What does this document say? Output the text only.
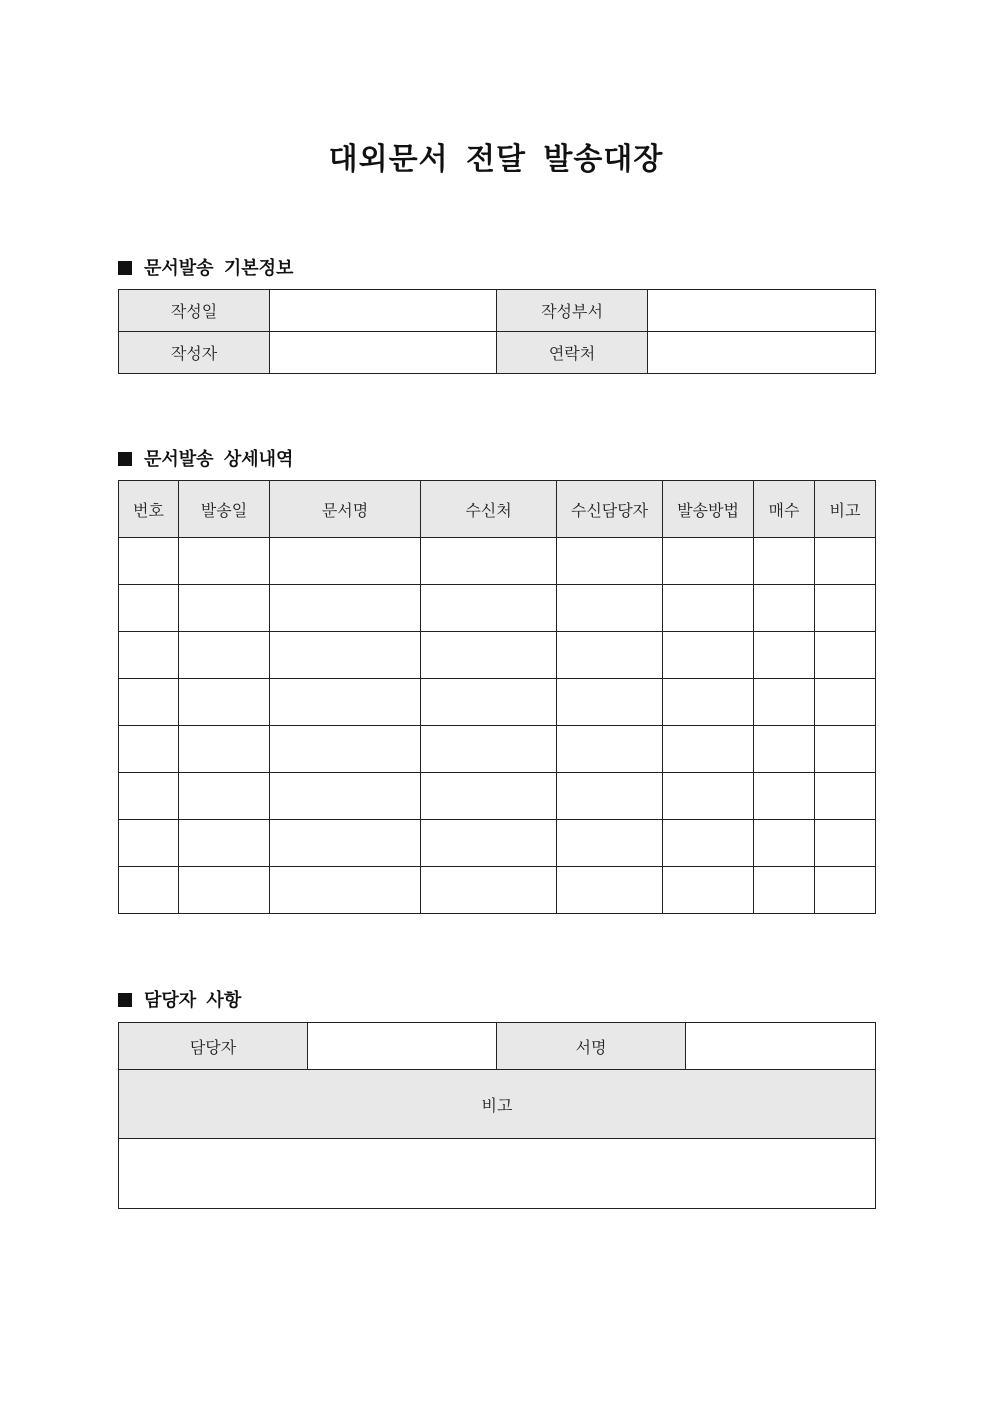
대외문서 전달 발송대장
문서발송 기본정보
작성일		작성부서	
작성자		연락처	
문서발송 상세내역
번호	발송일	문서명	수신처	수신담당자	발송방법	매수	비고

담당자 사항
담당자		서명	
비고
